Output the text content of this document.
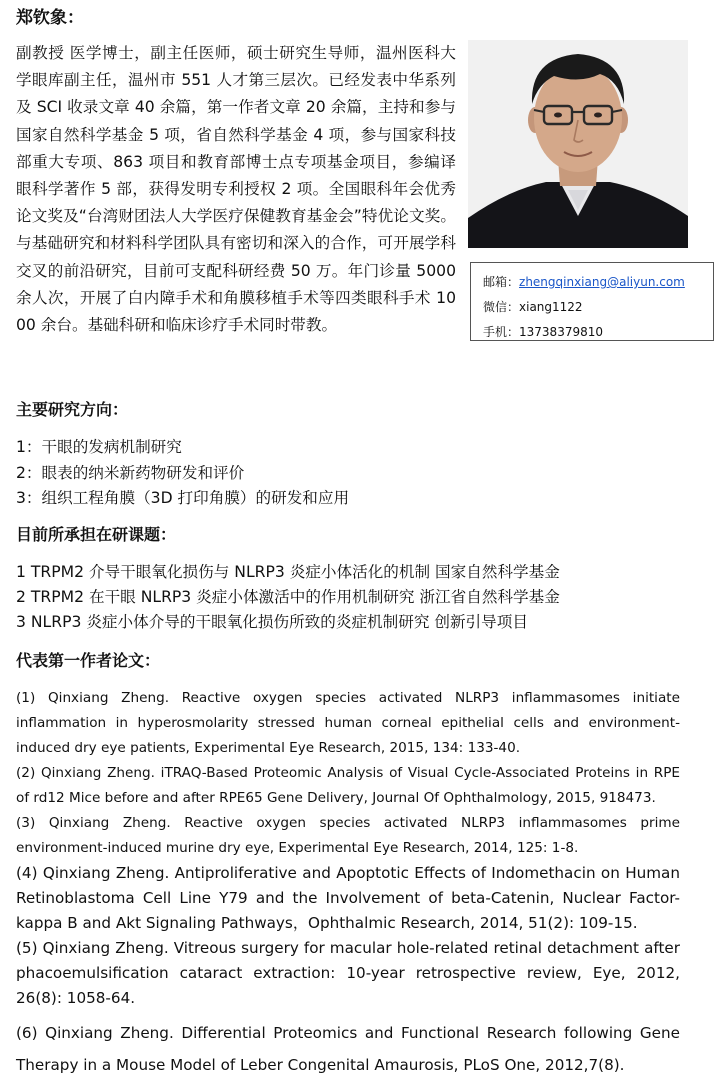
郑钦象：

副教授 医学博士，副主任医师，硕士研究生导师，温州医科大学眼库副主任，温州市 551 人才第三层次。已经发表中华系列及 SCI 收录文章 40 余篇，第一作者文章 20 余篇，主持和参与国家自然科学基金 5 项，省自然科学基金 4 项，参与国家科技部重大专项、863 项目和教育部博士点专项基金项目，参编译眼科学著作 5 部，获得发明专利授权 2 项。全国眼科年会优秀论文奖及“台湾财团法人大学医疗保健教育基金会”特优论文奖。与基础研究和材料科学团队具有密切和深入的合作，可开展学科交叉的前沿研究，目前可支配科研经费 50 万。年门诊量 5000 余人次，开展了白内障手术和角膜移植手术等四类眼科手术 1000 余台。基础科研和临床诊疗手术同时带教。

邮箱：zhengqinxiang@aliyun.com
微信：xiang1122
手机：13738379810
主要研究方向：
1：干眼的发病机制研究
2：眼表的纳米新药物研发和评价
3：组织工程角膜（3D 打印角膜）的研发和应用
目前所承担在研课题：
1 TRPM2 介导干眼氧化损伤与 NLRP3 炎症小体活化的机制 国家自然科学基金
2 TRPM2 在干眼 NLRP3 炎症小体激活中的作用机制研究 浙江省自然科学基金
3 NLRP3 炎症小体介导的干眼氧化损伤所致的炎症机制研究 创新引导项目
代表第一作者论文：
(1) Qinxiang Zheng. Reactive oxygen species activated NLRP3 inflammasomes initiate inflammation in hyperosmolarity stressed human corneal epithelial cells and environment-induced dry eye patients, Experimental Eye Research, 2015, 134: 133-40.
(2) Qinxiang Zheng. iTRAQ-Based Proteomic Analysis of Visual Cycle-Associated Proteins in RPE of rd12 Mice before and after RPE65 Gene Delivery, Journal Of Ophthalmology, 2015, 918473.
(3) Qinxiang Zheng. Reactive oxygen species activated NLRP3 inflammasomes prime environment-induced murine dry eye, Experimental Eye Research, 2014, 125: 1-8.
(4) Qinxiang Zheng. Antiproliferative and Apoptotic Effects of Indomethacin on Human Retinoblastoma Cell Line Y79 and the Involvement of beta-Catenin, Nuclear Factor-kappa B and Akt Signaling Pathways，Ophthalmic Research, 2014, 51(2): 109-15.
(5) Qinxiang Zheng. Vitreous surgery for macular hole-related retinal detachment after phacoemulsification cataract extraction: 10-year retrospective review, Eye, 2012, 26(8): 1058-64.
(6) Qinxiang Zheng. Differential Proteomics and Functional Research following Gene Therapy in a Mouse Model of Leber Congenital Amaurosis, PLoS One, 2012,7(8).
